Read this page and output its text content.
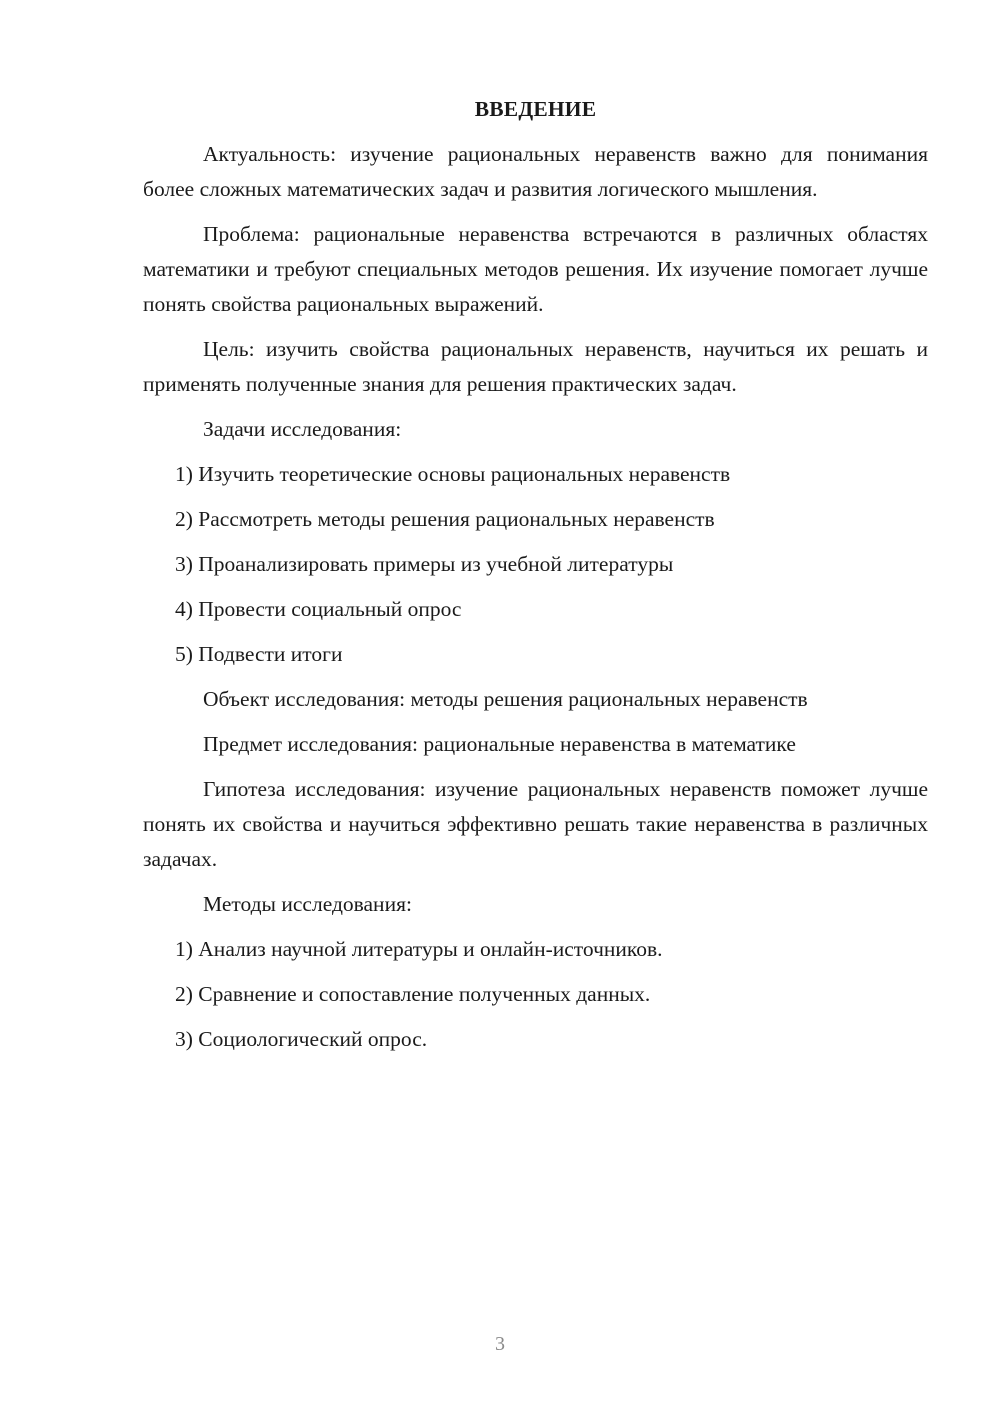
ВВЕДЕНИЕ
Актуальность: изучение рациональных неравенств важно для понимания более сложных математических задач и развития логического мышления.
Проблема: рациональные неравенства встречаются в различных областях математики и требуют специальных методов решения. Их изучение помогает лучше понять свойства рациональных выражений.
Цель: изучить свойства рациональных неравенств, научиться их решать и применять полученные знания для решения практических задач.
Задачи исследования:
1) Изучить теоретические основы рациональных неравенств
2) Рассмотреть методы решения рациональных неравенств
3) Проанализировать примеры из учебной литературы
4) Провести социальный опрос
5) Подвести итоги
Объект исследования: методы решения рациональных неравенств
Предмет исследования: рациональные неравенства в математике
Гипотеза исследования: изучение рациональных неравенств поможет лучше понять их свойства и научиться эффективно решать такие неравенства в различных задачах.
Методы исследования:
1) Анализ научной литературы и онлайн-источников.
2) Сравнение и сопоставление полученных данных.
3) Социологический опрос.
3
